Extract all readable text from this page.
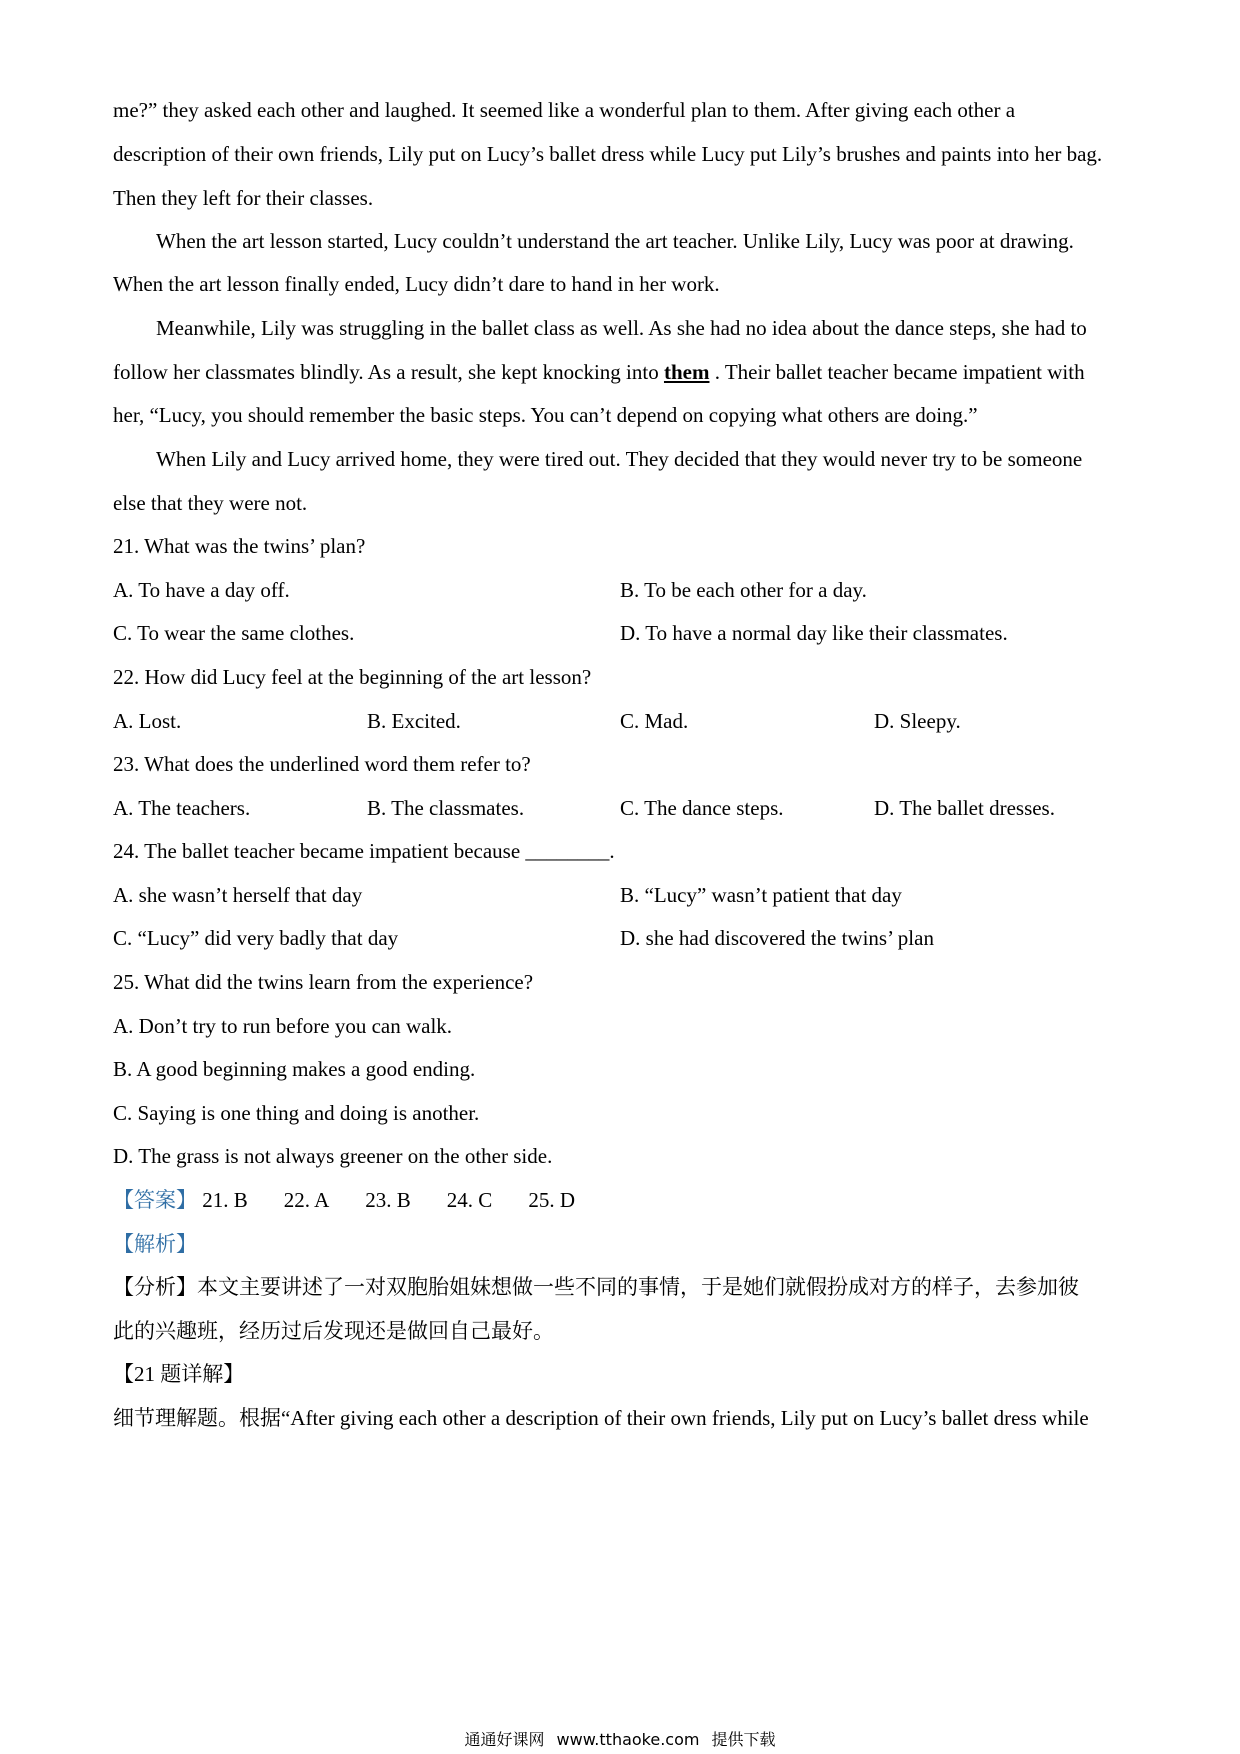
me?” they asked each other and laughed. It seemed like a wonderful plan to them. After giving each other a
description of their own friends, Lily put on Lucy’s ballet dress while Lucy put Lily’s brushes and paints into her bag.
Then they left for their classes.
When the art lesson started, Lucy couldn’t understand the art teacher. Unlike Lily, Lucy was poor at drawing.
When the art lesson finally ended, Lucy didn’t dare to hand in her work.
Meanwhile, Lily was struggling in the ballet class as well. As she had no idea about the dance steps, she had to
follow her classmates blindly. As a result, she kept knocking into them . Their ballet teacher became impatient with
her, “Lucy, you should remember the basic steps. You can’t depend on copying what others are doing.”
When Lily and Lucy arrived home, they were tired out. They decided that they would never try to be someone
else that they were not.
21. What was the twins’ plan?
A. To have a day off.	B. To be each other for a day.
C. To wear the same clothes.	D. To have a normal day like their classmates.
22. How did Lucy feel at the beginning of the art lesson?
A. Lost.	B. Excited.	C. Mad.	D. Sleepy.
23. What does the underlined word them refer to?
A. The teachers.	B. The classmates.	C. The dance steps.	D. The ballet dresses.
24. The ballet teacher became impatient because ________.
A. she wasn’t herself that day	B. “Lucy” wasn’t patient that day
C. “Lucy” did very badly that day	D. she had discovered the twins’ plan
25. What did the twins learn from the experience?
A. Don’t try to run before you can walk.
B. A good beginning makes a good ending.
C. Saying is one thing and doing is another.
D. The grass is not always greener on the other side.
【答案】 21. B 22. A 23. B 24. C 25. D
【解析】
【分析】本文主要讲述了一对双胞胎姐妹想做一些不同的事情，于是她们就假扮成对方的样子，去参加彼
此的兴趣班，经历过后发现还是做回自己最好。
【21 题详解】
细节理解题。根据“After giving each other a description of their own friends, Lily put on Lucy’s ballet dress while
通通好课网 www.tthaoke.com 提供下载
